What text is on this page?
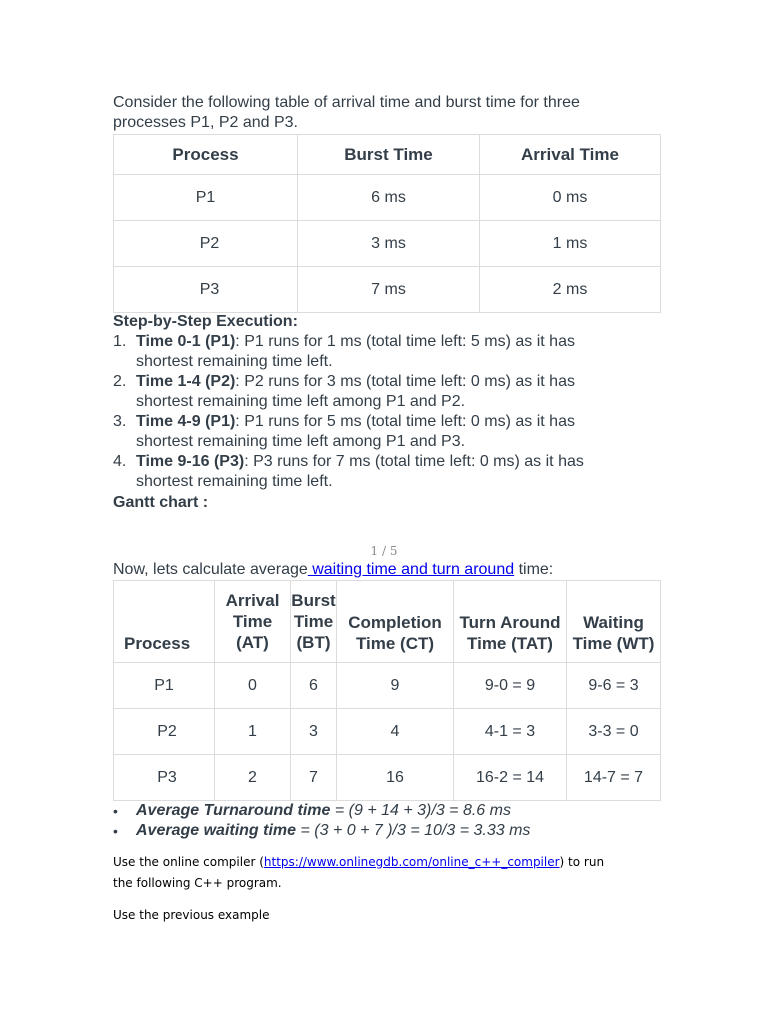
Consider the following table of arrival time and burst time for three processes P1, P2 and P3.

Process	Burst Time	Arrival Time
P1	6 ms	0 ms
P2	3 ms	1 ms
P3	7 ms	2 ms

Step-by-Step Execution:

1. Time 0-1 (P1): P1 runs for 1 ms (total time left: 5 ms) as it has shortest remaining time left.
2. Time 1-4 (P2): P2 runs for 3 ms (total time left: 0 ms) as it has shortest remaining time left among P1 and P2.
3. Time 4-9 (P1): P1 runs for 5 ms (total time left: 0 ms) as it has shortest remaining time left among P1 and P3.
4. Time 9-16 (P3): P3 runs for 7 ms (total time left: 0 ms) as it has shortest remaining time left.

Gantt chart :

1 / 5

Now, lets calculate average waiting time and turn around time:

Process	Arrival Time (AT)	Burst Time (BT)	Completion Time (CT)	Turn Around Time (TAT)	Waiting Time (WT)
P1	0	6	9	9-0 = 9	9-6 = 3
P2	1	3	4	4-1 = 3	3-3 = 0
P3	2	7	16	16-2 = 14	14-7 = 7
• Average Turnaround time = (9 + 14 + 3)/3 = 8.6 ms
• Average waiting time = (3 + 0 + 7 )/3 = 10/3 = 3.33 ms

Use the online compiler (https://www.onlinegdb.com/online_c++_compiler) to run the following C++ program.

Use the previous example
